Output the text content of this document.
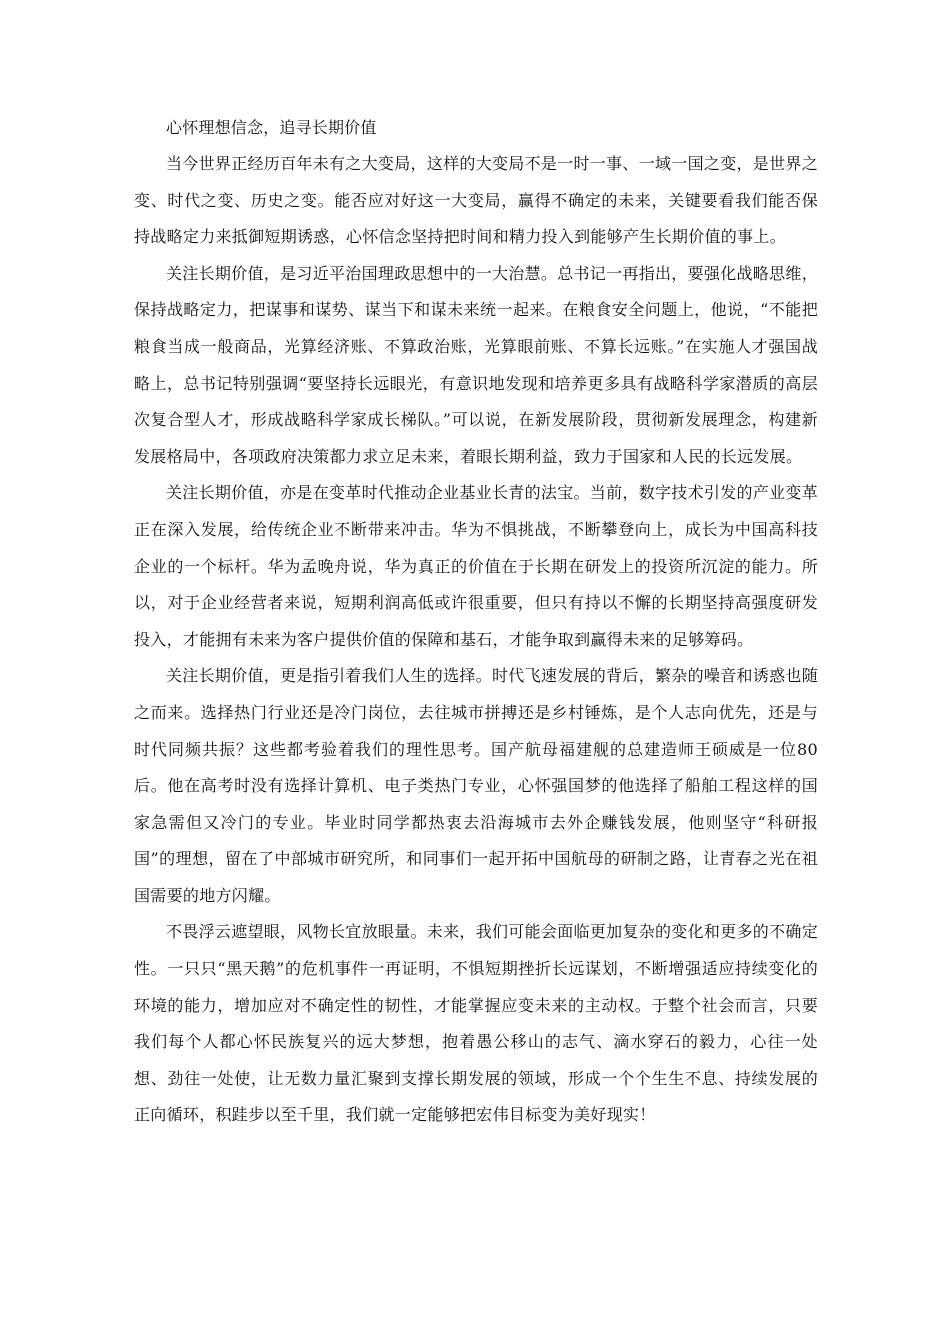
心怀理想信念，追寻长期价值

当今世界正经历百年未有之大变局，这样的大变局不是一时一事、一域一国之变，是世界之变、时代之变、历史之变。能否应对好这一大变局，赢得不确定的未来，关键要看我们能否保持战略定力来抵御短期诱惑，心怀信念坚持把时间和精力投入到能够产生长期价值的事上。

关注长期价值，是习近平治国理政思想中的一大治慧。总书记一再指出，要强化战略思维，保持战略定力，把谋事和谋势、谋当下和谋未来统一起来。在粮食安全问题上，他说，“不能把粮食当成一般商品，光算经济账、不算政治账，光算眼前账、不算长远账。”在实施人才强国战略上，总书记特别强调“要坚持长远眼光，有意识地发现和培养更多具有战略科学家潜质的高层次复合型人才，形成战略科学家成长梯队。”可以说，在新发展阶段，贯彻新发展理念，构建新发展格局中，各项政府决策都力求立足未来，着眼长期利益，致力于国家和人民的长远发展。

关注长期价值，亦是在变革时代推动企业基业长青的法宝。当前，数字技术引发的产业变革正在深入发展，给传统企业不断带来冲击。华为不惧挑战，不断攀登向上，成长为中国高科技企业的一个标杆。华为孟晚舟说，华为真正的价值在于长期在研发上的投资所沉淀的能力。所以，对于企业经营者来说，短期利润高低或许很重要，但只有持以不懈的长期坚持高强度研发投入，才能拥有未来为客户提供价值的保障和基石，才能争取到赢得未来的足够筹码。

关注长期价值，更是指引着我们人生的选择。时代飞速发展的背后，繁杂的噪音和诱惑也随之而来。选择热门行业还是冷门岗位，去往城市拼搏还是乡村锤炼，是个人志向优先，还是与时代同频共振？这些都考验着我们的理性思考。国产航母福建舰的总建造师王硕威是一位80后。他在高考时没有选择计算机、电子类热门专业，心怀强国梦的他选择了船舶工程这样的国家急需但又冷门的专业。毕业时同学都热衷去沿海城市去外企赚钱发展，他则坚守“科研报国”的理想，留在了中部城市研究所，和同事们一起开拓中国航母的研制之路，让青春之光在祖国需要的地方闪耀。

不畏浮云遮望眼，风物长宜放眼量。未来，我们可能会面临更加复杂的变化和更多的不确定性。一只只“黑天鹅”的危机事件一再证明，不惧短期挫折长远谋划，不断增强适应持续变化的环境的能力，增加应对不确定性的韧性，才能掌握应变未来的主动权。于整个社会而言，只要我们每个人都心怀民族复兴的远大梦想，抱着愚公移山的志气、滴水穿石的毅力，心往一处想、劲往一处使，让无数力量汇聚到支撑长期发展的领域，形成一个个生生不息、持续发展的正向循环，积跬步以至千里，我们就一定能够把宏伟目标变为美好现实！
